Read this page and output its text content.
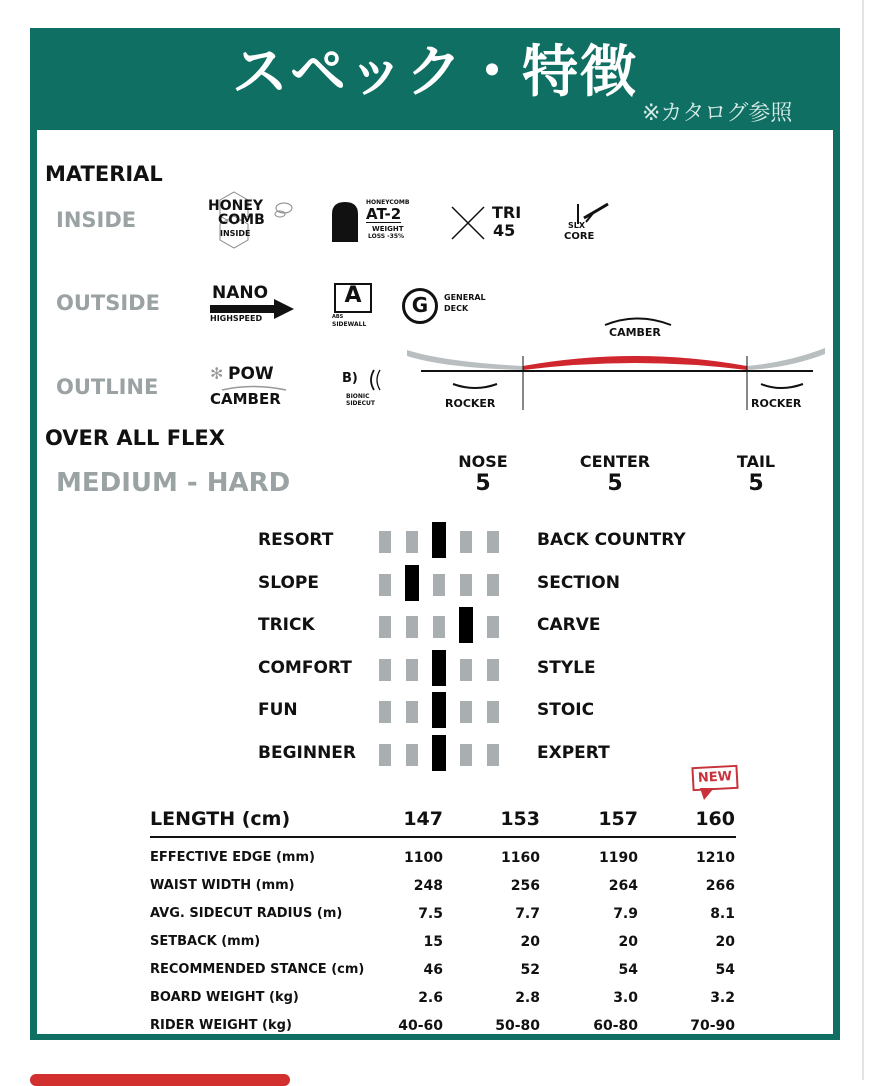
スペック・特徴
※カタログ参照
MATERIAL
INSIDE
OUTSIDE
OUTLINE
HONEY
COMB
INSIDE
HONEYCOMB
AT-2
WEIGHT
LOSS -35%
TRI
45	SLX
CORE
NANO
HIGHSPEED
A
ABS
SIDEWALL
G	GENERAL
DECK
✻ POW
CAMBER
B)
BIONIC
SIDECUT
CAMBER
ROCKER	ROCKER
OVER ALL FLEX
MEDIUM - HARD
NOSE
5
CENTER
5
TAIL
5
RESORT	BACK COUNTRY
SLOPE	SECTION
TRICK	CARVE
COMFORT	STYLE
FUN	STOIC
BEGINNER	EXPERT
NEW
LENGTH (cm)	147	153	157	160
EFFECTIVE EDGE (mm)	1100	1160	1190	1210
WAIST WIDTH (mm)	248	256	264	266
AVG. SIDECUT RADIUS (m)	7.5	7.7	7.9	8.1
SETBACK (mm)	15	20	20	20
RECOMMENDED STANCE (cm)	46	52	54	54
BOARD WEIGHT (kg)	2.6	2.8	3.0	3.2
RIDER WEIGHT (kg)	40-60	50-80	60-80	70-90
